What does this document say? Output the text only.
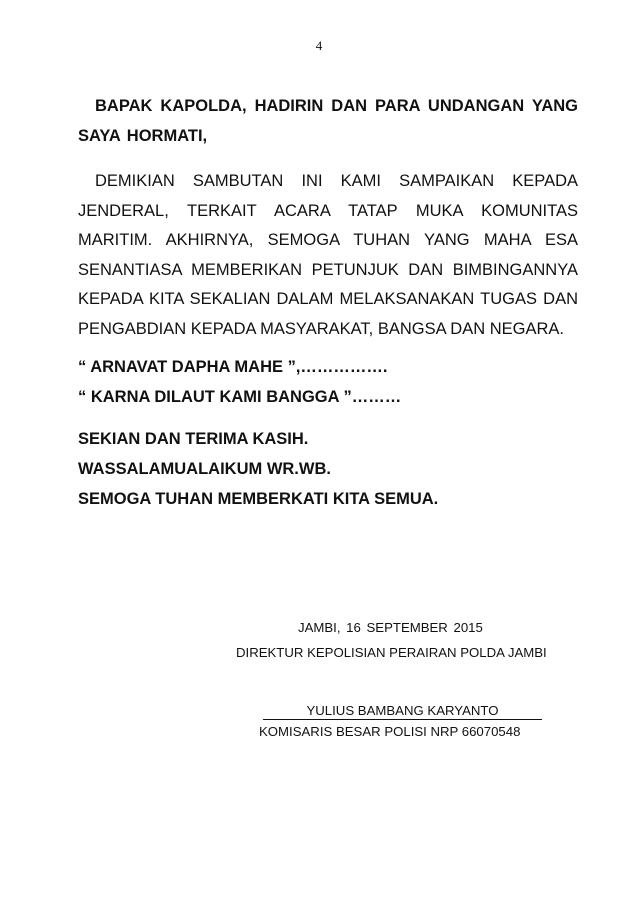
4

BAPAK KAPOLDA, HADIRIN DAN PARA UNDANGAN YANG SAYA HORMATI,

DEMIKIAN SAMBUTAN INI KAMI SAMPAIKAN KEPADA JENDERAL, TERKAIT ACARA TATAP MUKA KOMUNITAS MARITIM. AKHIRNYA, SEMOGA TUHAN YANG MAHA ESA SENANTIASA MEMBERIKAN PETUNJUK DAN BIMBINGANNYA KEPADA KITA SEKALIAN DALAM MELAKSANAKAN TUGAS DAN PENGABDIAN KEPADA MASYARAKAT, BANGSA DAN NEGARA.

“ ARNAVAT DAPHA MAHE ”,…………….

“ KARNA DILAUT KAMI BANGGA ”………

SEKIAN DAN TERIMA KASIH.

WASSALAMUALAIKUM WR.WB.

SEMOGA TUHAN MEMBERKATI KITA SEMUA.

JAMBI, 16 SEPTEMBER 2015
DIREKTUR KEPOLISIAN PERAIRAN POLDA JAMBI
YULIUS BAMBANG KARYANTO
KOMISARIS BESAR POLISI NRP 66070548
